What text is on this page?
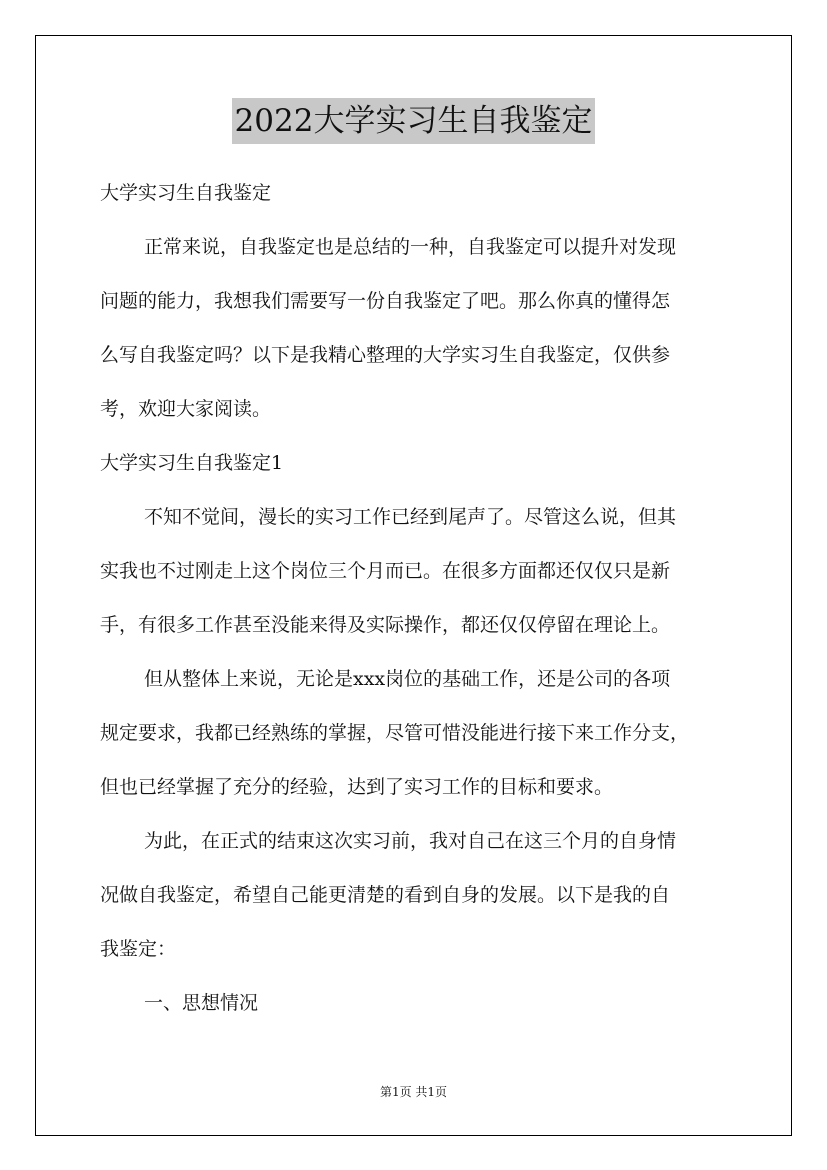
2022大学实习生自我鉴定

大学实习生自我鉴定

正常来说，自我鉴定也是总结的一种，自我鉴定可以提升对发现

问题的能力，我想我们需要写一份自我鉴定了吧。那么你真的懂得怎

么写自我鉴定吗？以下是我精心整理的大学实习生自我鉴定，仅供参

考，欢迎大家阅读。

大学实习生自我鉴定1

不知不觉间，漫长的实习工作已经到尾声了。尽管这么说，但其

实我也不过刚走上这个岗位三个月而已。在很多方面都还仅仅只是新

手，有很多工作甚至没能来得及实际操作，都还仅仅停留在理论上。

但从整体上来说，无论是xxx岗位的基础工作，还是公司的各项

规定要求，我都已经熟练的掌握，尽管可惜没能进行接下来工作分支，

但也已经掌握了充分的经验，达到了实习工作的目标和要求。

为此，在正式的结束这次实习前，我对自己在这三个月的自身情

况做自我鉴定，希望自己能更清楚的看到自身的发展。以下是我的自

我鉴定：

一、思想情况

第1页 共1页
